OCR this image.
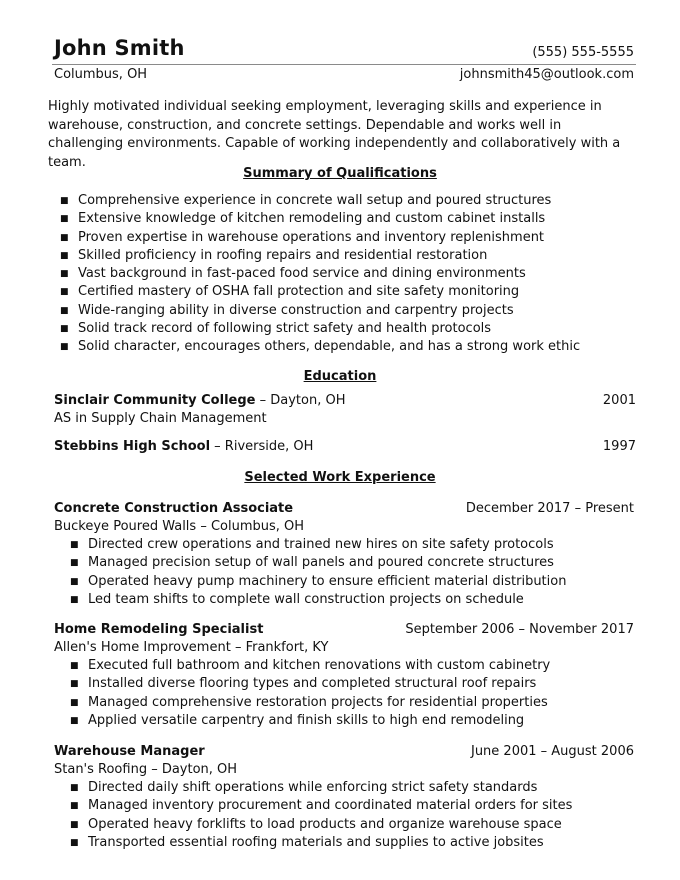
John Smith	(555) 555-5555
Columbus, OH	johnsmith45@outlook.com
Highly motivated individual seeking employment, leveraging skills and experience in warehouse, construction, and concrete settings. Dependable and works well in challenging environments. Capable of working independently and collaboratively with a team.
Summary of Qualifications
■ Comprehensive experience in concrete wall setup and poured structures
■ Extensive knowledge of kitchen remodeling and custom cabinet installs
■ Proven expertise in warehouse operations and inventory replenishment
■ Skilled proficiency in roofing repairs and residential restoration
■ Vast background in fast-paced food service and dining environments
■ Certified mastery of OSHA fall protection and site safety monitoring
■ Wide-ranging ability in diverse construction and carpentry projects
■ Solid track record of following strict safety and health protocols
■ Solid character, encourages others, dependable, and has a strong work ethic
Education
Sinclair Community College – Dayton, OH	2001
AS in Supply Chain Management
Stebbins High School – Riverside, OH	1997
Selected Work Experience
Concrete Construction Associate	December 2017 – Present
Buckeye Poured Walls – Columbus, OH
■ Directed crew operations and trained new hires on site safety protocols
■ Managed precision setup of wall panels and poured concrete structures
■ Operated heavy pump machinery to ensure efficient material distribution
■ Led team shifts to complete wall construction projects on schedule
Home Remodeling Specialist	September 2006 – November 2017
Allen's Home Improvement – Frankfort, KY
■ Executed full bathroom and kitchen renovations with custom cabinetry
■ Installed diverse flooring types and completed structural roof repairs
■ Managed comprehensive restoration projects for residential properties
■ Applied versatile carpentry and finish skills to high end remodeling
Warehouse Manager	June 2001 – August 2006
Stan's Roofing – Dayton, OH
■ Directed daily shift operations while enforcing strict safety standards
■ Managed inventory procurement and coordinated material orders for sites
■ Operated heavy forklifts to load products and organize warehouse space
■ Transported essential roofing materials and supplies to active jobsites
